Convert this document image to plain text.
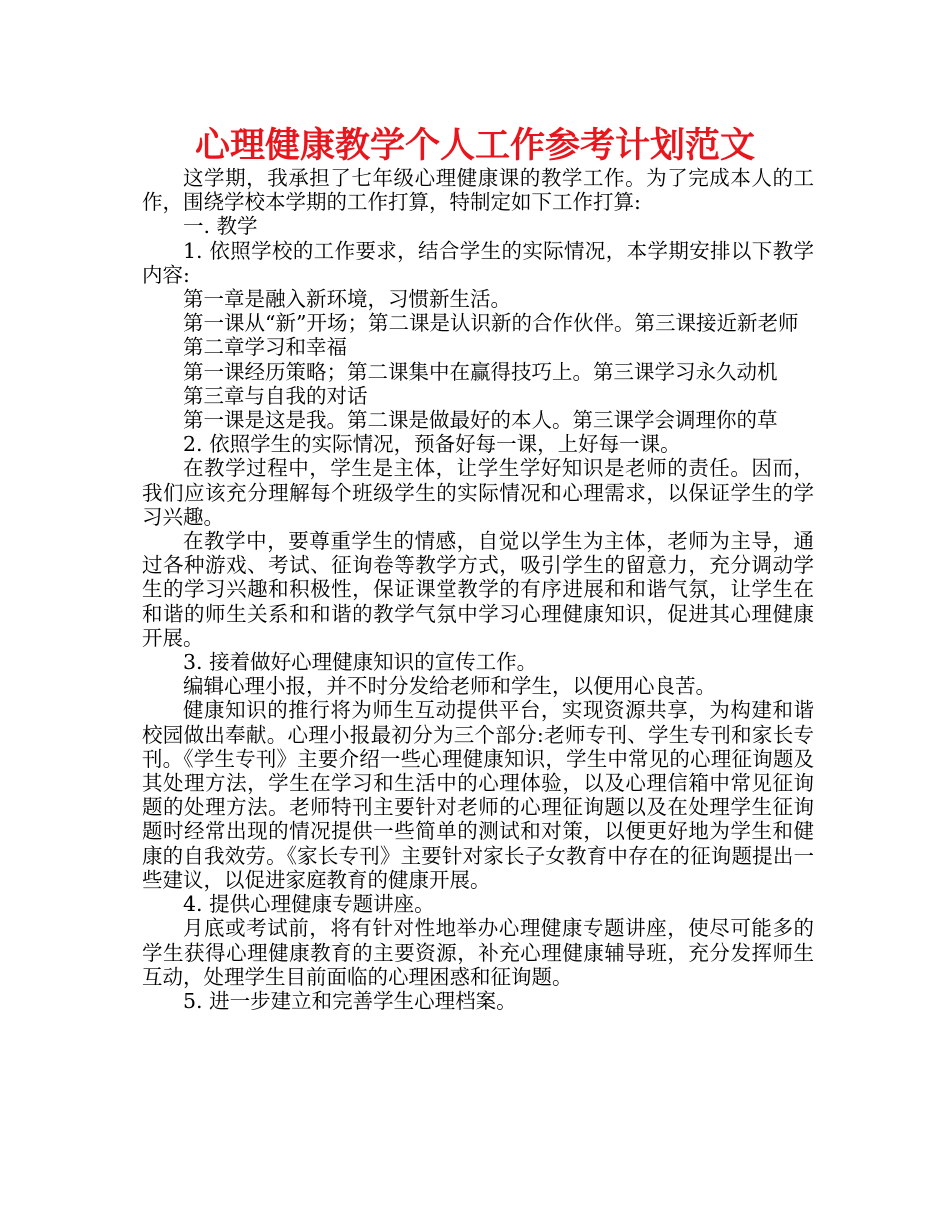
心理健康教学个人工作参考计划范文

这学期，我承担了七年级心理健康课的教学工作。为了完成本人的工作，围绕学校本学期的工作打算，特制定如下工作打算:

一. 教学

1. 依照学校的工作要求，结合学生的实际情况，本学期安排以下教学内容:

第一章是融入新环境，习惯新生活。

第一课从“新”开场；第二课是认识新的合作伙伴。第三课接近新老师

第二章学习和幸福

第一课经历策略；第二课集中在赢得技巧上。第三课学习永久动机

第三章与自我的对话

第一课是这是我。第二课是做最好的本人。第三课学会调理你的草

2. 依照学生的实际情况，预备好每一课，上好每一课。

在教学过程中，学生是主体，让学生学好知识是老师的责任。因而，我们应该充分理解每个班级学生的实际情况和心理需求，以保证学生的学习兴趣。

在教学中，要尊重学生的情感，自觉以学生为主体，老师为主导，通过各种游戏、考试、征询卷等教学方式，吸引学生的留意力，充分调动学生的学习兴趣和积极性，保证课堂教学的有序进展和和谐气氛，让学生在和谐的师生关系和和谐的教学气氛中学习心理健康知识，促进其心理健康开展。

3. 接着做好心理健康知识的宣传工作。

编辑心理小报，并不时分发给老师和学生，以便用心良苦。

健康知识的推行将为师生互动提供平台，实现资源共享，为构建和谐校园做出奉献。心理小报最初分为三个部分:老师专刊、学生专刊和家长专刊。《学生专刊》主要介绍一些心理健康知识，学生中常见的心理征询题及其处理方法，学生在学习和生活中的心理体验，以及心理信箱中常见征询题的处理方法。老师特刊主要针对老师的心理征询题以及在处理学生征询题时经常出现的情况提供一些简单的测试和对策，以便更好地为学生和健康的自我效劳。《家长专刊》主要针对家长子女教育中存在的征询题提出一些建议，以促进家庭教育的健康开展。

4. 提供心理健康专题讲座。

月底或考试前，将有针对性地举办心理健康专题讲座，使尽可能多的学生获得心理健康教育的主要资源，补充心理健康辅导班，充分发挥师生互动，处理学生目前面临的心理困惑和征询题。

5. 进一步建立和完善学生心理档案。
